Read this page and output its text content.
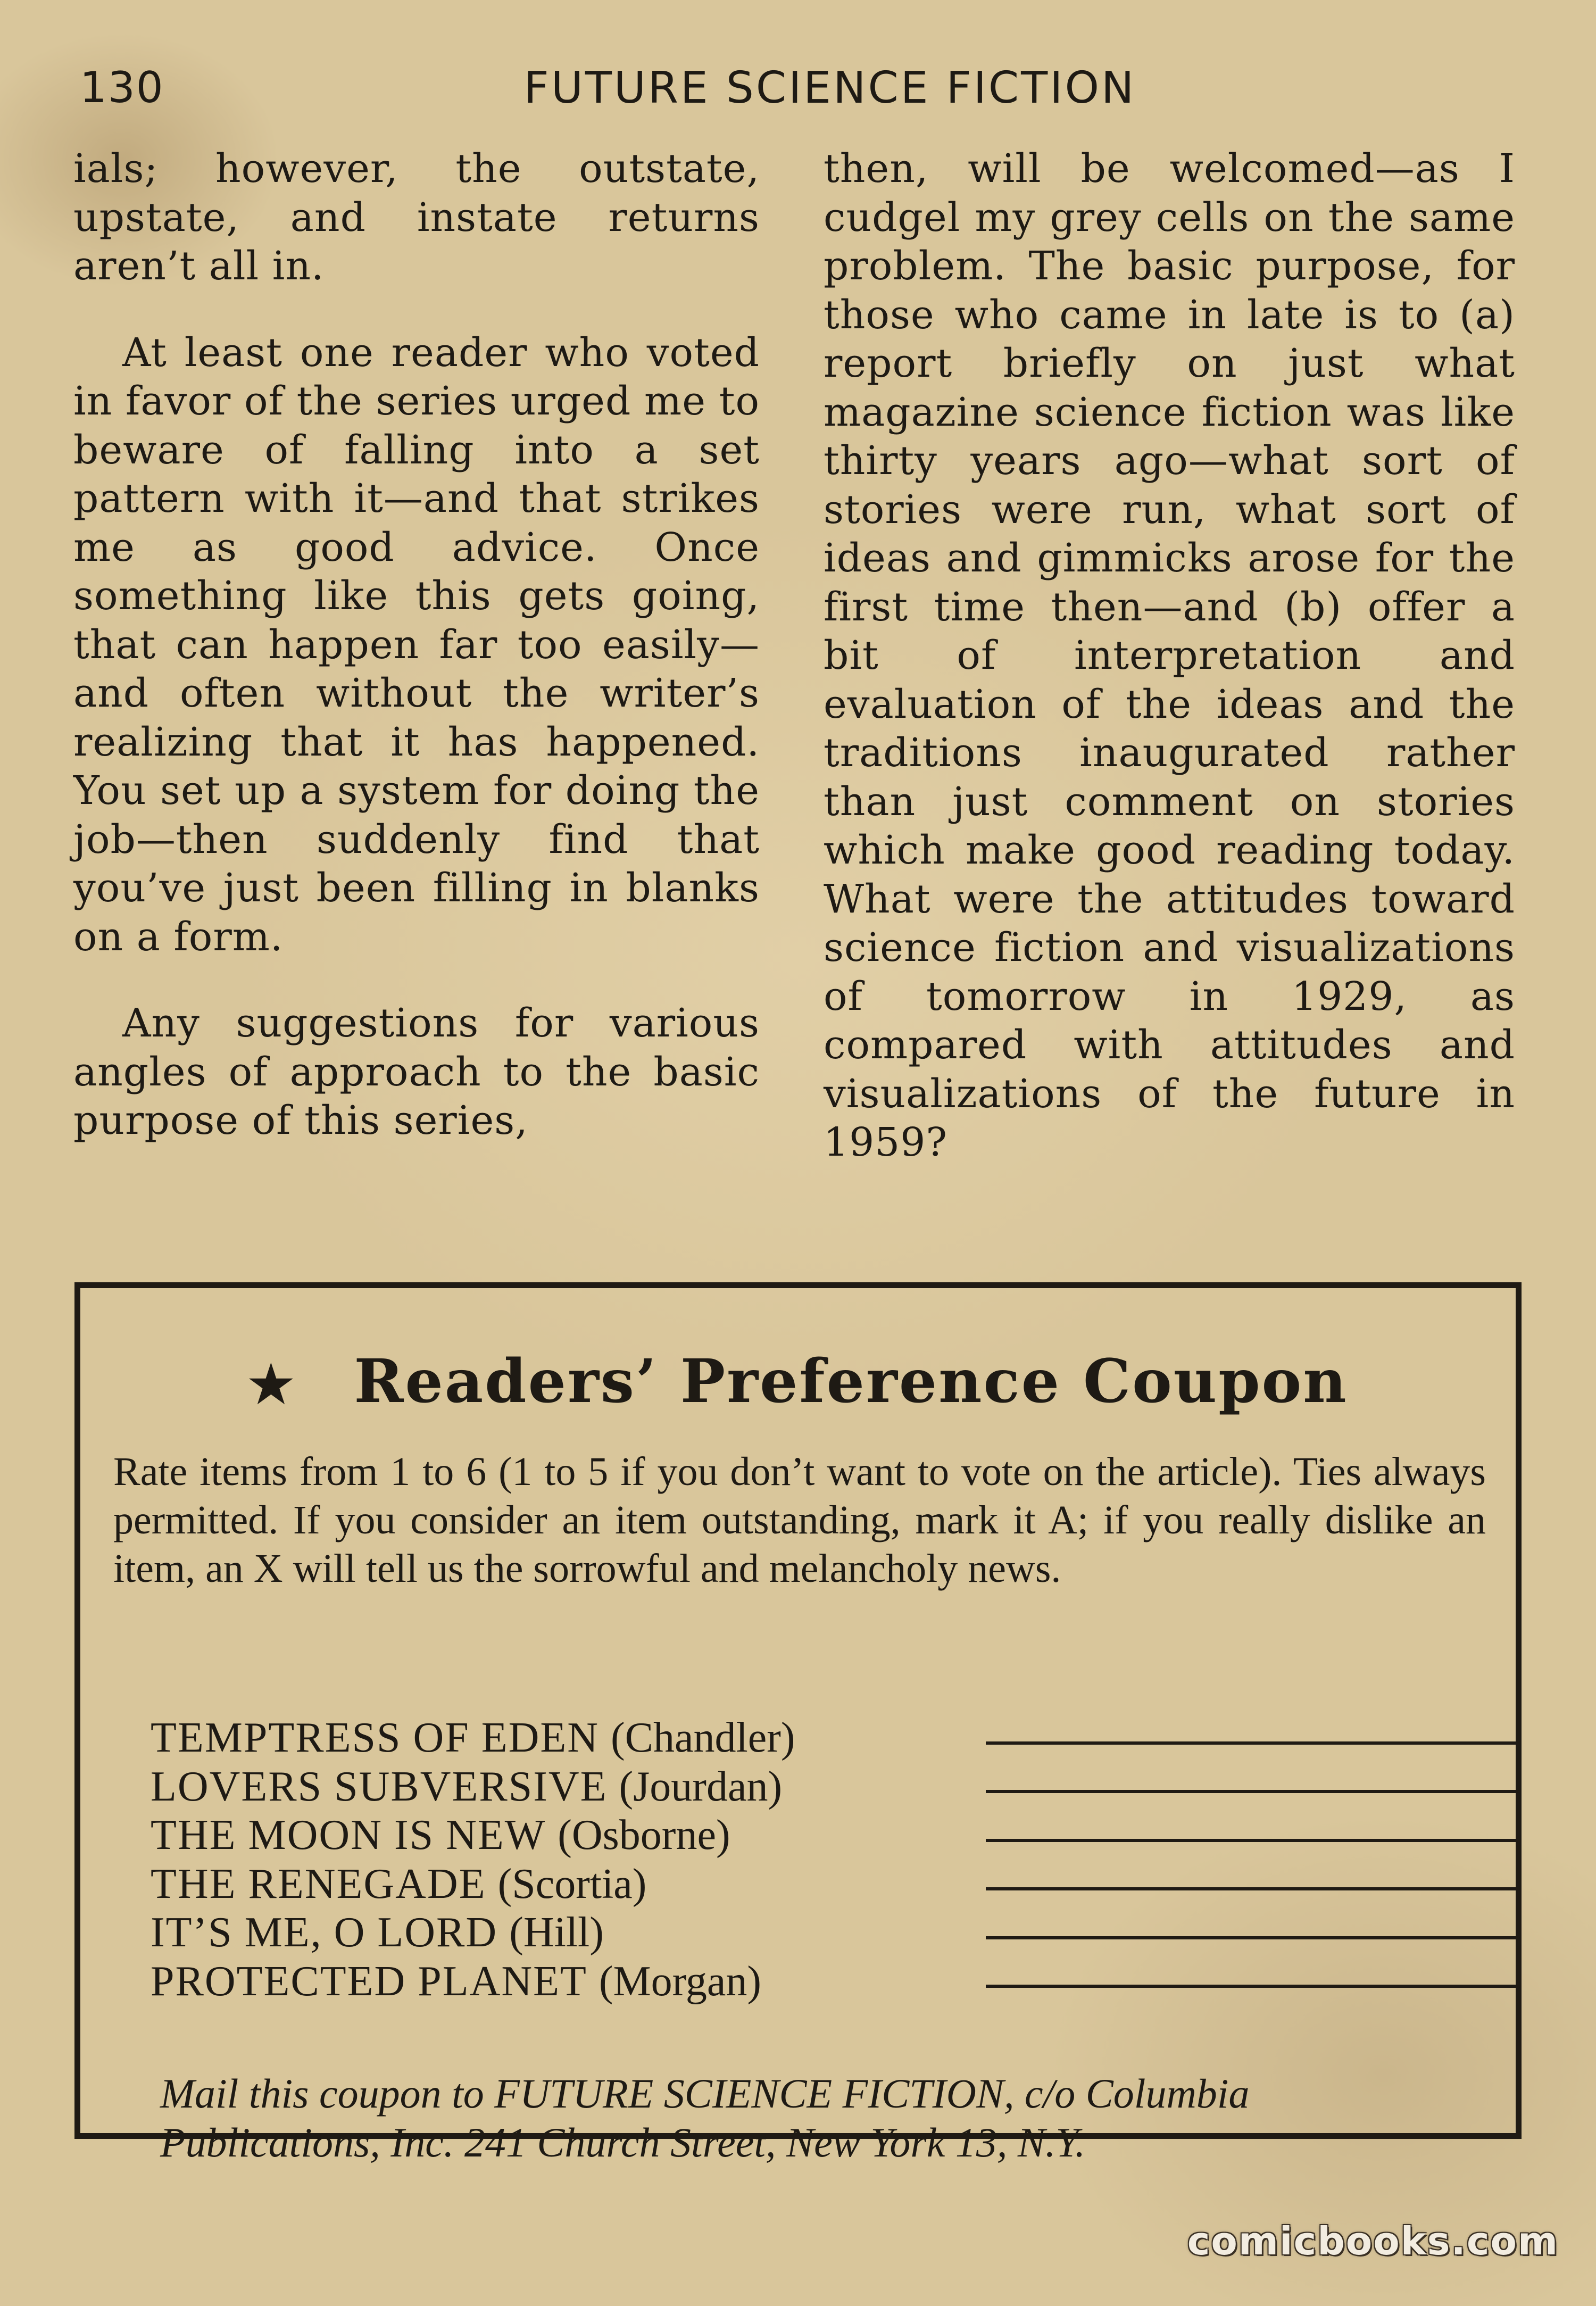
130	FUTURE SCIENCE FICTION

ials; however, the outstate, upstate, and instate returns aren’t all in.

At least one reader who voted in favor of the series urged me to beware of falling into a set pattern with it—and that strikes me as good advice. Once something like this gets going, that can happen far too easily—and often without the writer’s realizing that it has happened. You set up a system for doing the job—then suddenly find that you’ve just been filling in blanks on a form.

Any suggestions for various angles of approach to the basic purpose of this series,

then, will be welcomed—as I cudgel my grey cells on the same problem. The basic purpose, for those who came in late is to (a) report briefly on just what magazine science fiction was like thirty years ago—what sort of stories were run, what sort of ideas and gimmicks arose for the first time then—and (b) offer a bit of interpretation and evaluation of the ideas and the traditions inaugurated rather than just comment on stories which make good reading today. What were the attitudes toward science fiction and visualizations of tomorrow in 1929, as compared with attitudes and visualizations of the future in 1959?

★ Readers’ Preference Coupon
Rate items from 1 to 6 (1 to 5 if you don’t want to vote on the article). Ties always permitted. If you consider an item outstanding, mark it A; if you really dislike an item, an X will tell us the sorrowful and melancholy news.
TEMPTRESS OF EDEN (Chandler)
LOVERS SUBVERSIVE (Jourdan)
THE MOON IS NEW (Osborne)
THE RENEGADE (Scortia)
IT’S ME, O LORD (Hill)
PROTECTED PLANET (Morgan)
Mail this coupon to FUTURE SCIENCE FICTION, c/o Columbia Publications, Inc. 241 Church Street, New York 13, N.Y.
comicbooks.com
